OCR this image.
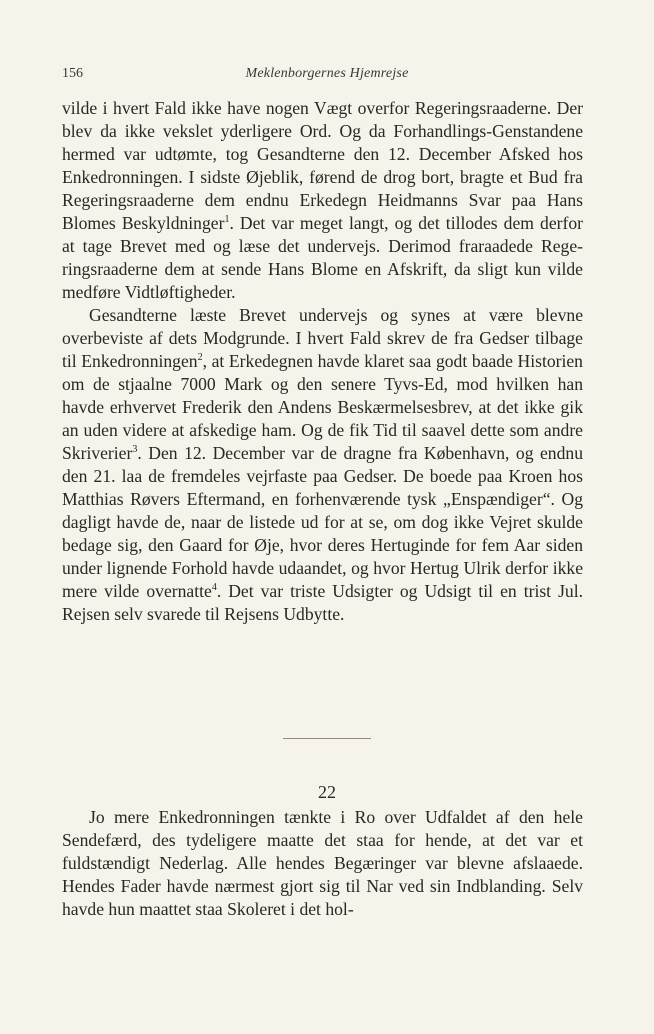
156	Meklenborgernes Hjemrejse

vilde i hvert Fald ikke have nogen Vægt overfor Regeringsraaderne. Der blev da ikke vekslet yderligere Ord. Og da Forhandlings-Genstandene hermed var udtømte, tog Gesandterne den 12. December Afsked hos Enkedronningen. I sidste Øjeblik, førend de drog bort, bragte et Bud fra Regeringsraaderne dem endnu Erkedegn Heidmanns Svar paa Hans Blomes Beskyldninger$^1$. Det var meget langt, og det tillodes dem derfor at tage Brevet med og læse det undervejs. Derimod fraraadede Regeringsraaderne dem at sende Hans Blome en Afskrift, da sligt kun vilde medføre Vidtløftigheder.

Gesandterne læste Brevet undervejs og synes at være blevne overbeviste af dets Modgrunde. I hvert Fald skrev de fra Gedser tilbage til Enkedronningen$^2$, at Erkedegnen havde klaret saa godt baade Historien om de stjaalne 7000 Mark og den senere Tyvs-Ed, mod hvilken han havde erhvervet Frederik den Andens Beskærmelsesbrev, at det ikke gik an uden videre at afskedige ham. Og de fik Tid til saavel dette som andre Skriverier$^3$. Den 12. December var de dragne fra København, og endnu den 21. laa de fremdeles vejrfaste paa Gedser. De boede paa Kroen hos Matthias Røvers Eftermand, en forhenværende tysk „Enspændiger“. Og dagligt havde de, naar de listede ud for at se, om dog ikke Vejret skulde bedage sig, den Gaard for Øje, hvor deres Hertuginde for fem Aar siden under lignende Forhold havde udaandet, og hvor Hertug Ulrik derfor ikke mere vilde overnatte$^4$. Det var triste Udsigter og Udsigt til en trist Jul. Rejsen selv svarede til Rejsens Udbytte.

22

Jo mere Enkedronningen tænkte i Ro over Udfaldet af den hele Sendefærd, des tydeligere maatte det staa for hende, at det var et fuldstændigt Nederlag. Alle hendes Begæringer var blevne afslaaede. Hendes Fader havde nærmest gjort sig til Nar ved sin Indblanding. Selv havde hun maattet staa Skoleret i det hol-
